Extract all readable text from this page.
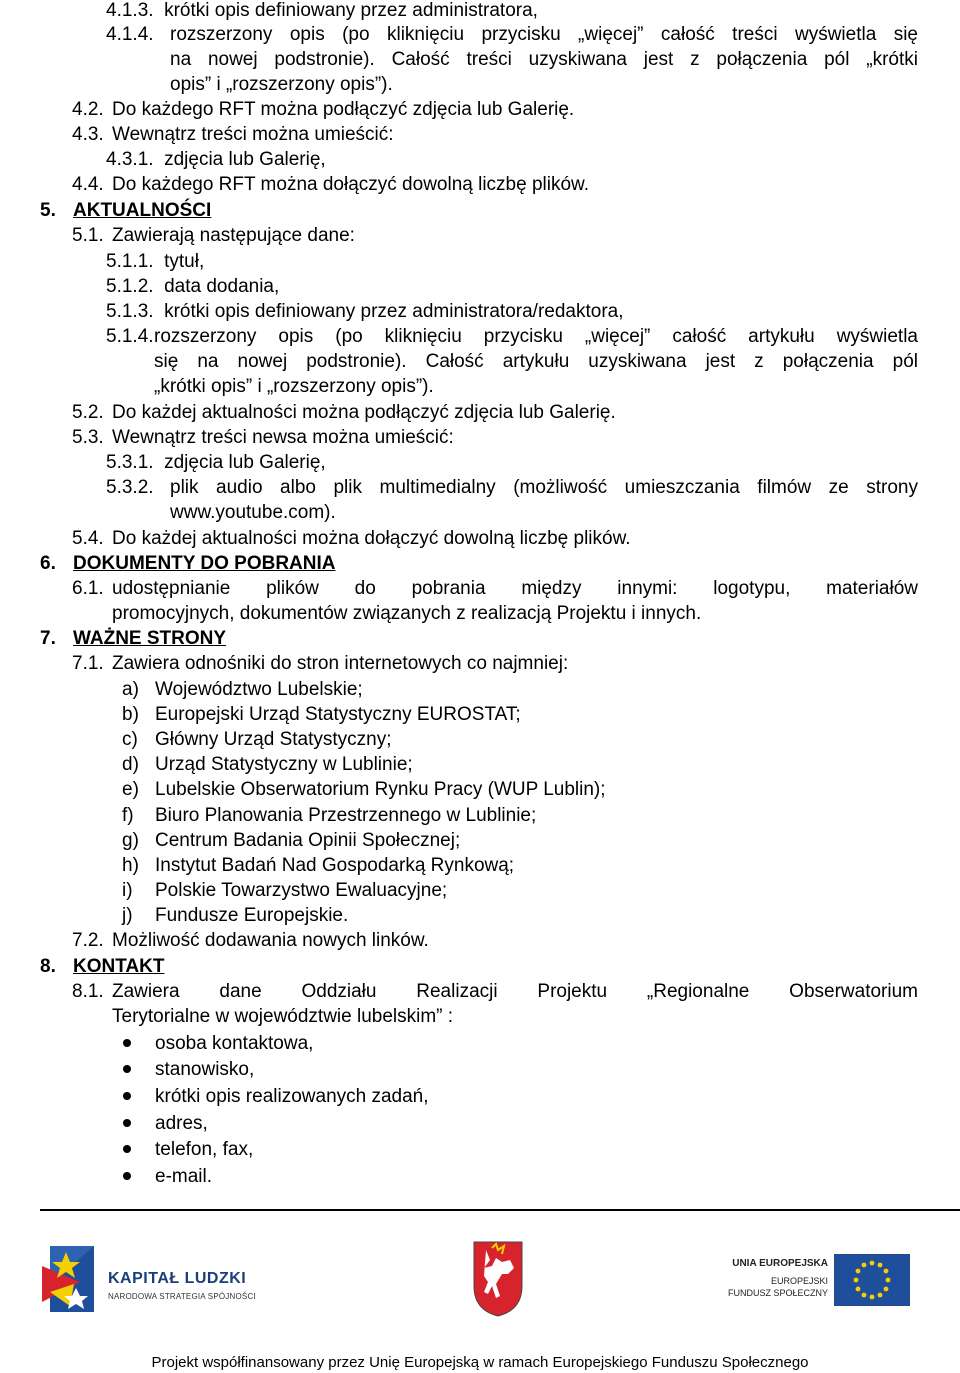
4.1.3. krótki opis definiowany przez administratora,
4.1.4. rozszerzony opis (po kliknięciu przycisku „więcej” całość treści wyświetla się
na nowej podstronie). Całość treści uzyskiwana jest z połączenia pól „krótki
opis” i „rozszerzony opis”).
4.2. Do każdego RFT można podłączyć zdjęcia lub Galerię.
4.3. Wewnątrz treści można umieścić:
4.3.1. zdjęcia lub Galerię,
4.4. Do każdego RFT można dołączyć dowolną liczbę plików.
5. AKTUALNOŚCI
5.1. Zawierają następujące dane:
5.1.1. tytuł,
5.1.2. data dodania,
5.1.3. krótki opis definiowany przez administratora/redaktora,
5.1.4. rozszerzony opis (po kliknięciu przycisku „więcej” całość artykułu wyświetla
się na nowej podstronie). Całość artykułu uzyskiwana jest z połączenia pól
„krótki opis” i „rozszerzony opis”).
5.2. Do każdej aktualności można podłączyć zdjęcia lub Galerię.
5.3. Wewnątrz treści newsa można umieścić:
5.3.1. zdjęcia lub Galerię,
5.3.2. plik audio albo plik multimedialny (możliwość umieszczania filmów ze strony
www.youtube.com).
5.4. Do każdej aktualności można dołączyć dowolną liczbę plików.
6. DOKUMENTY DO POBRANIA
6.1. udostępnianie plików do pobrania między innymi: logotypu, materiałów
promocyjnych, dokumentów związanych z realizacją Projektu i innych.
7. WAŻNE STRONY
7.1. Zawiera odnośniki do stron internetowych co najmniej:
a) Województwo Lubelskie;
b) Europejski Urząd Statystyczny EUROSTAT;
c) Główny Urząd Statystyczny;
d) Urząd Statystyczny w Lublinie;
e) Lubelskie Obserwatorium Rynku Pracy (WUP Lublin);
f) Biuro Planowania Przestrzennego w Lublinie;
g) Centrum Badania Opinii Społecznej;
h) Instytut Badań Nad Gospodarką Rynkową;
i) Polskie Towarzystwo Ewaluacyjne;
j) Fundusze Europejskie.
7.2. Możliwość dodawania nowych linków.
8. KONTAKT
8.1. Zawiera dane Oddziału Realizacji Projektu „Regionalne Obserwatorium
Terytorialne w województwie lubelskim” :
osoba kontaktowa,
stanowisko,
krótki opis realizowanych zadań,
adres,
telefon, fax,
e-mail.
KAPITAŁ LUDZKI
NARODOWA STRATEGIA SPÓJNOŚCI
UNIA EUROPEJSKA
EUROPEJSKI
FUNDUSZ SPOŁECZNY
Projekt współfinansowany przez Unię Europejską w ramach Europejskiego Funduszu Społecznego
